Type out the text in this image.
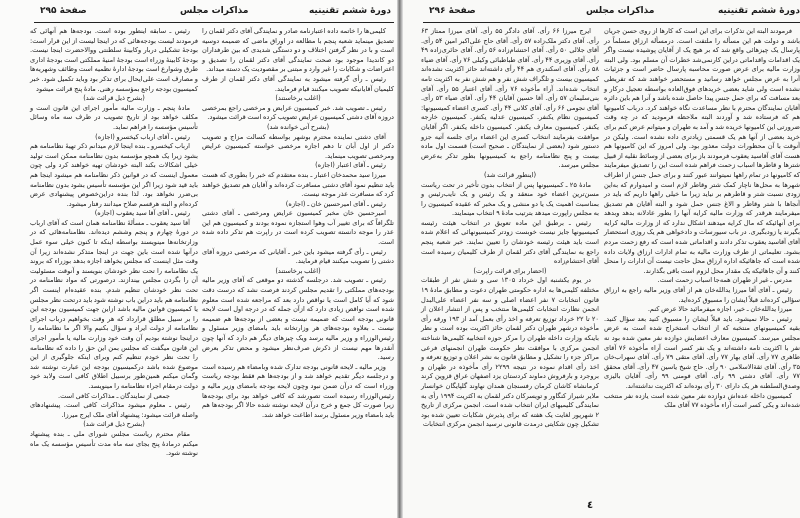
صفحهٔ ۲۹۵	مذاکرات مجلس	دورهٔ ششم تقنینیه

کلیمی‌ها را خاتمه داده اعتبارنامه صادر و نمایندگی آقای دکتر لقمان را تصدیق مینماید شعبه پنجم با مطالعه در اوراق ماضی که ضمیمه دوسیه است و با در نظر گرفتن اختلاف و دو دستگی شدیدی که بین طرفداران دو کاندیدا موجود بود صحت نمایندگی آقای دکتر لقمان را تصدیق و اعتراضات و شکایات را غیر وارد و مبتنی بر مقصودیت یک دسته میداند.

رئیس ـ رأی گرفته میشود به نمایندگی آقای دکتر لقمان از طرف کلیمیان آقایانیکه تصویب میکنند قیام فرمایند.

(اغلب برخاستند)

رئیس ـ تصویب شد. خبر کمیسیون عرایض و مرخصی راجع بمرخصی دروزه آقای دشتی کمیسیون عرایض تصویب کرده است قرائت میشود.

(بشرح آتی خوانده شد)

آقای دشتی نماینده محترم بوشهر بواسطه کسالت مزاج و تصویب دکتر از اول آبان تا دهم اجازه مرخصی خواسته کمیسیون عرایض ومرخصی تصویب مینماید.

رئیس ـ آقای اعتبار (اجازه)

میرزا سید محمدخان اعتبار ـ بنده معتقدم که خبر را بطوری که هست باید تنظیم نمود آقای دشتی مسافرت کرده‌اند و آقایان هم تصدیق خواهند کرد که مسافرت عذر موجه نیست.

رئیس ـ آقای امیرحسین خان ـ (اجازه)

امیرحسین خان مخبر کمیسیون عرایض ومرخصی ـ آقای دشتی تلگرافاً که برای تغییر آب وهوا استجازه نموده بودند و کمیسیون هم این عذر را موجه دانسته تصویب کرده است در راپرت هم تذکر داده شده است.

رئیس ـ رأی گرفته میشود باین خبر ـ آقایانی که مرخصی دروزه آقای دشتی را تصویب میکنند قیام فرمایند.

(اغلب برخاستند)

رئیس ـ تصویب شد. درجلسه گذشته دو موقعی که آقای وزیر مالیه بودجه‌های مملکتی را تقدیم مجلس کردند فرصت نشد که درست دقت شود که آیا کامل است یا نواقص دارد بعد که مراجعه شده است معلوم شده است نواقص زیادی دارد که ازآن جمله که در درجه اول است لایحه قانونی بودجه است که ضمیمه نیست و بعضی از بودجه‌ها هم ضمیمه نیست ـ بعلاوه بودجه‌های هر وزارتخانه باید بامضای وزیر مسئول و رئیس‌الوزراء و وزیر مالیه برسد ویک چیزهای دیگر هم دارد که آنها چون آنقدرها مهم نیست از ذکرش صرف‌نظر میشود و محض تذکر بعرض رسید.

وزیر مالیه ـ لایحه قانونی بودجه تدارک شده وبامضاء هم رسیده است و درجلسه دیگر تقدیم خواهد شد و از بودجه‌ها هم فقط بودجه ریاست وزراء است که درآن ضمن نبود وچون لایحه بودجه بامضای وزیر مالیه و رئیس‌الوزراء رسیده است تصورشد که کافی خواهد بود برای بودجه‌ها زیرا صورت کل جمع و خرج درآن لایحه نوشته شده حالا اگر بودجه‌ها هم باید بامضاء وزیر مسئول برسد اطاعت خواهد شد.

رئیس ـ سابقه اینطور بوده است. بودجه‌ها هم آنهائی که فرمودند لیست بودجه‌هائی که در اینجا لیست از این قرار است: بودجهٔ تشکیلی دربار وکابینهٔ سلطنتی ووالاحضرت اینجا نیست. بودجهٔ کابینهٔ وزراء است بودجهٔ امنیهٔ مملکتی است بودجهٔ اداری طرق وشوارع است بودجهٔ ادارهٔ نظمیه است وظائف وشهریه‌ها و مصارف است علی‌ایحال برای تذکر بود وباید تکمیل شود. خبر کمیسیون بودجه راجع بمؤسسه رهنی. مادهٔ پنج قرائت میشود

(بشرح ذیل قرائت شد)

مادهٔ پنجم ـ وزارت مالیه مأمور اجرای این قانون است و مکلف خواهد بود از تاریخ تصویب در ظرف سه ماه وسائل تأسیس مؤسسه را فراهم نماید.

رئیس ـ آقای ارباب کیخسرو (اجازه)

ارباب کیخسرو ـ بنده اینجا لازم میدانم ذکر تهیهٔ نظامنامه هم بشود زیرا یک همچو مؤسسه بدون نظامنامه ممکن است تولید خیلی اشکالات بکند البته خودشان تهیه خواهند کرد ولی چون معمول اینست که در قوانین ذکر نظامنامه هم میشود اینجا هم باید قید شود زیرا اگر این مؤسسه تأسیس بشود بدون نظامنامه بی‌ضرر نخواهد بود. لذا بنده دراین‌خصوص پیشنهادی عرض کرده‌ام و البته هرقسم صلاح میدانند رفتار میشود.

رئیس ـ آقای آقا سید یعقوب (اجازه)

آقا سید یعقوب ـ مسألهٔ نظامنامه همان است که آقای ارباب در دورهٔ چهارم و پنجم وششم دیده‌اند. نظامنامه‌هائی که در وزارتخانه‌ها مینویسند بواسطه اینکه تا کنون خیلی سوء عمل درآنها شده است باین جهت در اینجا متذکر نشده‌اند زیرا آن وقت مثل اینست که مجلس بخواهد اجازه بدهد بوزراء که بروند یک نظامنامه را تحت نظر خودشان بنویسند و آنوقت مسئولیت آن را بگردن مجلس بیندازند. درصورتی که مواد نظامنامه در تحت نظر خودشان تنظیم شدم. بنده عقیده‌ام اینست اگر نظامنامه هم باید دراین باب نوشته شود باید درتحت نظر مجلس یا کمیسیون قوانین مالیه باشد ازاین جهت کمیسیون بودجه این را بر سبیل مطلق قرارداد که هر وقت بخواهیم درباب اجرای نظامنامه از دولت ایراد و سؤال بکنیم والا اگر ما نظامنامه را دراینجا نوشته بودیم آن وقت خود وزارت مالیه یا مأمور اجرای این قانون میگفت که مجلس بمن این حق را داده که نظامنامه را تحت نظر خودم تنظیم کنم وبرای اینکه جلوگیری از این موضوع شده باشد درکمیسیون بودجه این عبارت نوشته شد وگمان میکنم همین‌طور برسبیل اطلاق کافی است ولابد خود دولت درمقام اجراء نظامنامه را مینویسد.

جمعی از نمایندگان ـ مذاکرات کافی است.

رئیس ـ معلوم میشود مذاکرات کافی است. پیشنهادهای واصله قرائت میشود: پیشنهاد آقای ملک ایرج میرزا.

(بشرح ذیل قرائت شد)

مقام محترم ریاست مجلس شورای ملی ـ بنده پیشنهاد میکنم درمادهٔ پنج بجای سه ماه مدت تأسیس مؤسسه یک ماه نوشته شود.

صفحهٔ ۲۹۶	مذاکرات مجلس	دورهٔ ششم تقنینیه

فرمودند البته این تذکرات برای این است که کارها از روی حسن جریان باشد و دولت هم این مسأله را ملتفت است. درمسأله ارزاق مسلماً در پارسال یک چیزهائی واقع شد که بر هیچ یک از آقایان پوشیده نیست واگر یک اقدامات واقداماتی دراین کارنمی‌شد خطرات آن مسلم بود. ولی البته وزارت مالیه برای عرض صورت محاسبه پارسال حاضر است و جزئیات آنرا به عرض مجلس خواهد رسانید و مستحضر خواهند شد که تفریطی نشده است ولی شاید بعضی خریدهای فوق‌العاده بواسطه تعجیل درکار و بعد مسافت که برای حمل جنس پیدا حاصل شده باشد و آنرا هم باین دائره آقایان نمایندگان محترم با نظر مساعدت نگاه خواهند کرد. درباب کامیونها هم که فرستاده شد و آوردند البته ملاحظه فرمودید که در چه وقت ضرورتی این کامیونها خریده شد و آمد به طهران و میتوانم عرض کنم برای خرید بعضی از آنها هم یک قسمتی زیادتری داده نشده است. ولیکن در آنوقت با آن محظورات دولت معذور بود. ولی امروز که این کامیونها هم هست آقای آقاسید یعقوب فرمودند باز برای بعضی از وسائط نقلیه از قبیل شترها و قاطرها اسباب زحمت فراهم شده است این را تصدیق میفرمایند که کامیونها در تمام راهها نمیتوانند عبور کنند و برای حمل جنس از اطراف شهرها به محل‌ها ناچار کمک شتر وقاطر لازم است و امیدوارم که به‌این زودی نسبت شتر و قاطرهم بر نیاید زیرا ما خیلی راهها داریم که باید در آنجاها با شتر وقاطر و الاغ جنس حمل شود و البته آقایان هم تصدیق میفرمایند هرقدر که وزارت مالیه کرایه آنها را بطور عادلانه بدهد وبدهد برای آنهائیکه که مال کرایه میدهند اشکال ندارد که از وزارت مالیه کرایه بگیرند یا زودبگیری. در باب سیورسات و دادخواهی هم یک روزی استحضار آقای آقاسید یعقوب تذکر دادند و اقداماتی شده است که رفع زحمت مردم بشود. تعلیماتی از طرف وزارت مالیه به تمام ادارات ارزاق ولایات داده شده است که جاهائیکه اداره ارزاق محل حاجت نیست آن ادارات را منحل کنند و آن جاهائیکه یک مقدار محل لزوم است باقی بگذارند.

مدرس ـ غیر از طهران همه‌جا اسباب زحمت است.

رئیس ـ آقای آقا میرزا یدالله‌خان هم از آقای وزیر مالیه راجع به ارزاق سؤالی کرده‌اند قبلاً ایشان را مسبوق کرده‌اید.

میرزا یدالله‌خان ـ خیر، اجازه میفرمائید حالا عرض کنم.

رئیس ـ حالا نمیشود. باید قبلاً ایشان را مسبوق کنید بعد سؤال کنید. بقیه کمیسیونهای منتخبه که از انتخاب استخراج شده است به عرض مجلس میرسد. کمیسیون معارف اعضایش دوازده نفر معین شده بود نه نفر با اکثریت تامه داشته‌اند و یک نفر کسر است آراء مأخوذه ۷۶ آقای طاهری ۷۷ رأی. آقای بهار ۷۷ رأی. آقای متقی ۷۹ رأی. آقای سهراب‌خان ۳۵ رأی. آقای ثقة‌الاسلامی ۹۰ رأی. حاج شیخ یاسین ۴۷ رأی. آقای محقق ۷۷ رأی. آقای دشتی ۹۹ رأی. آقای فومنی ۹۹ رأی. آقایان بالیزی وصدق‌السلطنه هر یک دارای ۳۰ رأی بوده‌اند که اکثریت نداشته‌اند.

کمیسیون داخله عده‌اش دوازده نفر معین شده است یازده نفر منتخب شده‌اند و یکی کسر است آراء مأخوذه ۷۷ آقای ملک

ایرج میرزا ۶۶ رأی. آقای دادگر ۵۵ رأی. آقای میرزا ممتاز ۶۳ رأی. آقای دکتر ملک‌زاده ۵۷ رأی. آقای حاج علی‌اکبر امین ۵۴ رأی. آقای جلالی ۵۰ رأی. آقای احتشام‌زاده ۵۶ رأی. آقای حائری‌زاده ۴۹ رأی. آقای وزیری ۴۴ رأی. آقای طباطبائی وکیلی ۷۶ رأی. آقای ضیاء ۵۸ رأی. آقای اسکندری هم ۴۴ رأی داشته‌اند حائز اکثریت نشده‌اند کمیسیون بیست و تلگراف شش نفر و هم شش نفر به اکثریت تامه انتخاب شده‌اند. آراء مأخوذه ۷۶ رأی. آقای اعتبار ۵۵ رأی. آقای بنی‌سلیمان ۵۷ رأی. آقا حسین آقایان ۴۴ رأی. آقای ضیاء ۵۳ رأی. آقای نجومی ۶۶ رأی. آقای کلانی ۴۴ رأی. کسری اعضاء کمیسیونها: کمیسیون نظام یکنفر. کمیسیون عدلیه یکنفر. کمیسیون خارجه یکنفر. کمیسیون معارف یکنفر. کمیسیون داخله یکنفر. اگر آقایان موافقت بفرمایند انتخاب کسری این اعضاء برای جلسه آتیه جزو دستور شود (بعضی از نمایندگان ـ صحیح است) قسمت اول ماده بیست و پنج نظامنامه راجع به کمیسیونها بطور تذکر به‌عرض مجلس میرسد.

(اینطور قرائت شد)

مادهٔ ۲۵ ـ کمیسیونها پس از انتخاب بدون تأخیر در تحت ریاست مسن‌ترین اعضاء خود منعقد و یک رئیس و یک نایب‌رئیس و بمناسبت اهمیت یک یا دو منشی و یک مخبر که عقیده کمیسیون را به مجلس راپورت میدهد بترتیب مادهٔ ۹ انتخاب مینمایند.

رئیس ـ برطبق این ماده تعویق در انتخاب هیئت رئیسه کمیسیونها جایز نیست خوبست زودتر کمیسیونهائی که اعلام شده است باید هیئت رئیسه خودشان را تعیین نمایند. خبر شعبه پنجم راجع به نمایندگی آقای دکتر لقمان از طرف کلیمیان رسیده است آقای احتشام‌زاده

(احضار برای قرائت راپرت)

در یوم یکشنبه اول خرداد ۱۳۰۵ سی و شش نفر از طبقات مختلفه کلیمی‌ها به اداره حکومتی طهران دعوت و مطابق مادهٔ ۱۹ قانون انتخابات ۷ نفر اعضاء اصلی و سه نفر اعضاء علی‌البدل انجمن نظارت انتخابات کلیمی‌ها منتخب و پس از انتشار اعلان از ۲۰ تا ۲۲ خرداد توزیع تعرفه و اخذ رأی بعمل آمد از ۱۹۳ ورقه رأی مأخوذه درشهر طهران دکتر لقمان حائز اکثریت بوده است و نظر باینکه وزارت داخله طهران را مرکز حوزه انتخابیه کلیمی‌ها شناخته انجمن مرکزی با موافقت نظر حکومت طهران انجمنهای فرعی مراکز جزء را تشکیل و مطابق قانون به نشر اعلان و توزیع تعرفه و اخذ رأی اقدام نموده در نتیجه ۲۲۹۹ رأی مأخوذه در طهران و بروجرد و بارفروش دماوند کردستان یزد اصفهان عراق قزوین کرند کرمانشاه کاشان کرمان رفسنجان همدان نهاوند گلپایگان خوانسار ملایر شیراز کنگاور و تویسرکان دکتر لقمان به اکثریت ۱۹۹۴ رأی به نمایندگی کلیمیهای ایران انتخاب شده است. انجمن مرکزی از تاریخ ۲ شهریور لغایت یک هفته که برای پذیرش شکایات تعیین شده بود تشکیل چون شکایتی درمدت قانونی نرسید انجمن مرکزی انتخابات

٤
